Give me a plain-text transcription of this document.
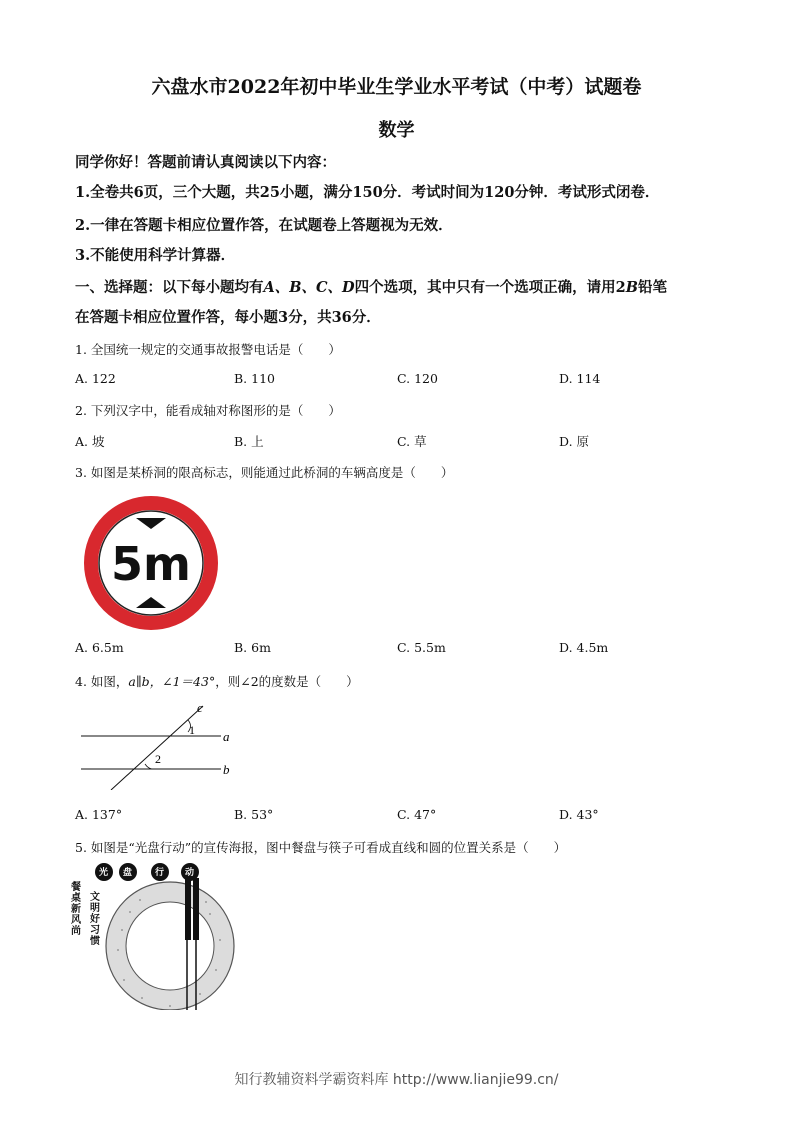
六盘水市2022年初中毕业生学业水平考试（中考）试题卷
数学
同学你好！答题前请认真阅读以下内容：
1.全卷共6页，三个大题，共25小题，满分150分．考试时间为120分钟．考试形式闭卷．
2.一律在答题卡相应位置作答，在试题卷上答题视为无效．
3.不能使用科学计算器．
一、选择题：以下每小题均有A、B、C、D四个选项，其中只有一个选项正确，请用2B铅笔
在答题卡相应位置作答，每小题3分，共36分．
1. 全国统一规定的交通事故报警电话是（　　）
A. 122	B. 110	C. 120	D. 114
2. 下列汉字中，能看成轴对称图形的是（　　）
A. 坡	B. 上	C. 草	D. 原
3. 如图是某桥洞的限高标志，则能通过此桥洞的车辆高度是（　　）
5m
A. 6.5m	B. 6m	C. 5.5m	D. 4.5m
4. 如图，a∥b，∠1＝43°，则∠2的度数是（　　）
c
a
b
1
2
A. 137°	B. 53°	C. 47°	D. 43°
5. 如图是“光盘行动”的宣传海报，图中餐盘与筷子可看成直线和圆的位置关系是（　　）
光 盘	行 动
餐
桌
新
风
尚
文
明
好
习
惯
知行教辅资料学霸资料库 http://www.lianjie99.cn/
